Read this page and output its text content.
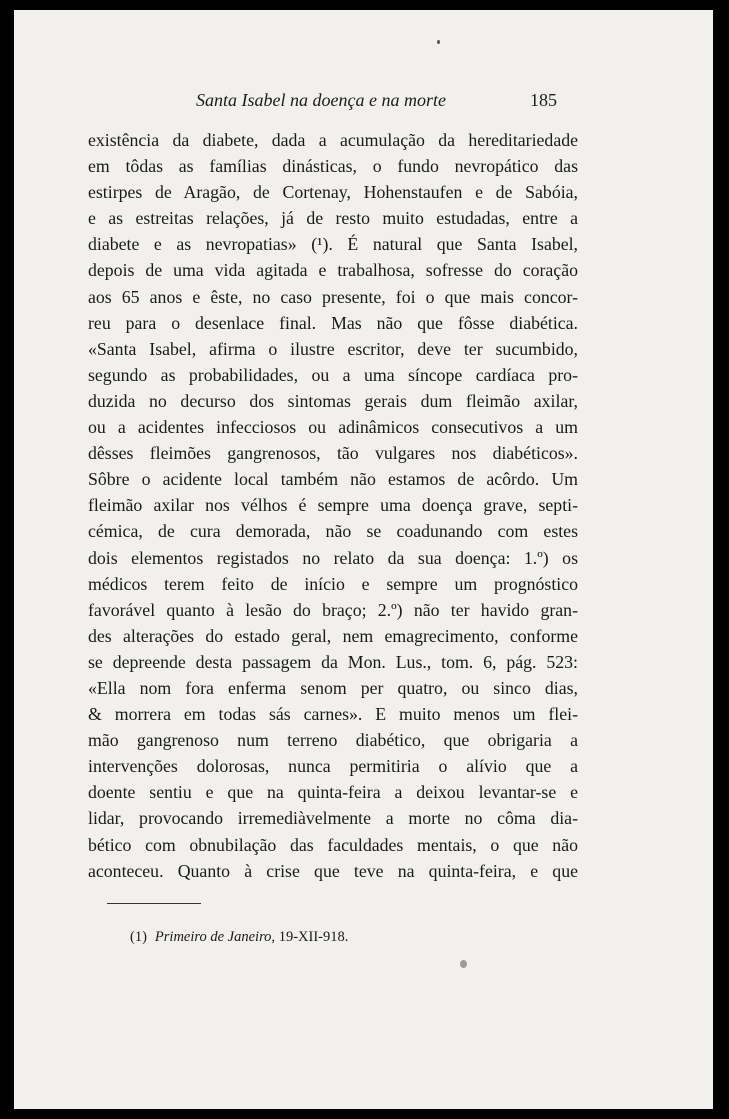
Santa Isabel na doença e na morte	185
existência da diabete, dada a acumulação da hereditariedade
em tôdas as famílias dinásticas, o fundo nevropático das
estirpes de Aragão, de Cortenay, Hohenstaufen e de Sabóia,
e as estreitas relações, já de resto muito estudadas, entre a
diabete e as nevropatias» (¹). É natural que Santa Isabel,
depois de uma vida agitada e trabalhosa, sofresse do coração
aos 65 anos e êste, no caso presente, foi o que mais concor-
reu para o desenlace final. Mas não que fôsse diabética.
«Santa Isabel, afirma o ilustre escritor, deve ter sucumbido,
segundo as probabilidades, ou a uma síncope cardíaca pro-
duzida no decurso dos sintomas gerais dum fleimão axilar,
ou a acidentes infecciosos ou adinâmicos consecutivos a um
dêsses fleimões gangrenosos, tão vulgares nos diabéticos».
Sôbre o acidente local também não estamos de acôrdo. Um
fleimão axilar nos vélhos é sempre uma doença grave, septi-
cémica, de cura demorada, não se coadunando com estes
dois elementos registados no relato da sua doença: 1.º) os
médicos terem feito de início e sempre um prognóstico
favorável quanto à lesão do braço; 2.º) não ter havido gran-
des alterações do estado geral, nem emagrecimento, conforme
se depreende desta passagem da Mon. Lus., tom. 6, pág. 523:
«Ella nom fora enferma senom per quatro, ou sinco dias,
& morrera em todas sás carnes». E muito menos um flei-
mão gangrenoso num terreno diabético, que obrigaria a
intervenções dolorosas, nunca permitiria o alívio que a
doente sentiu e que na quinta-feira a deixou levantar-se e
lidar, provocando irremediàvelmente a morte no côma dia-
bético com obnubilação das faculdades mentais, o que não
aconteceu. Quanto à crise que teve na quinta-feira, e que
(1) Primeiro de Janeiro, 19-XII-918.
